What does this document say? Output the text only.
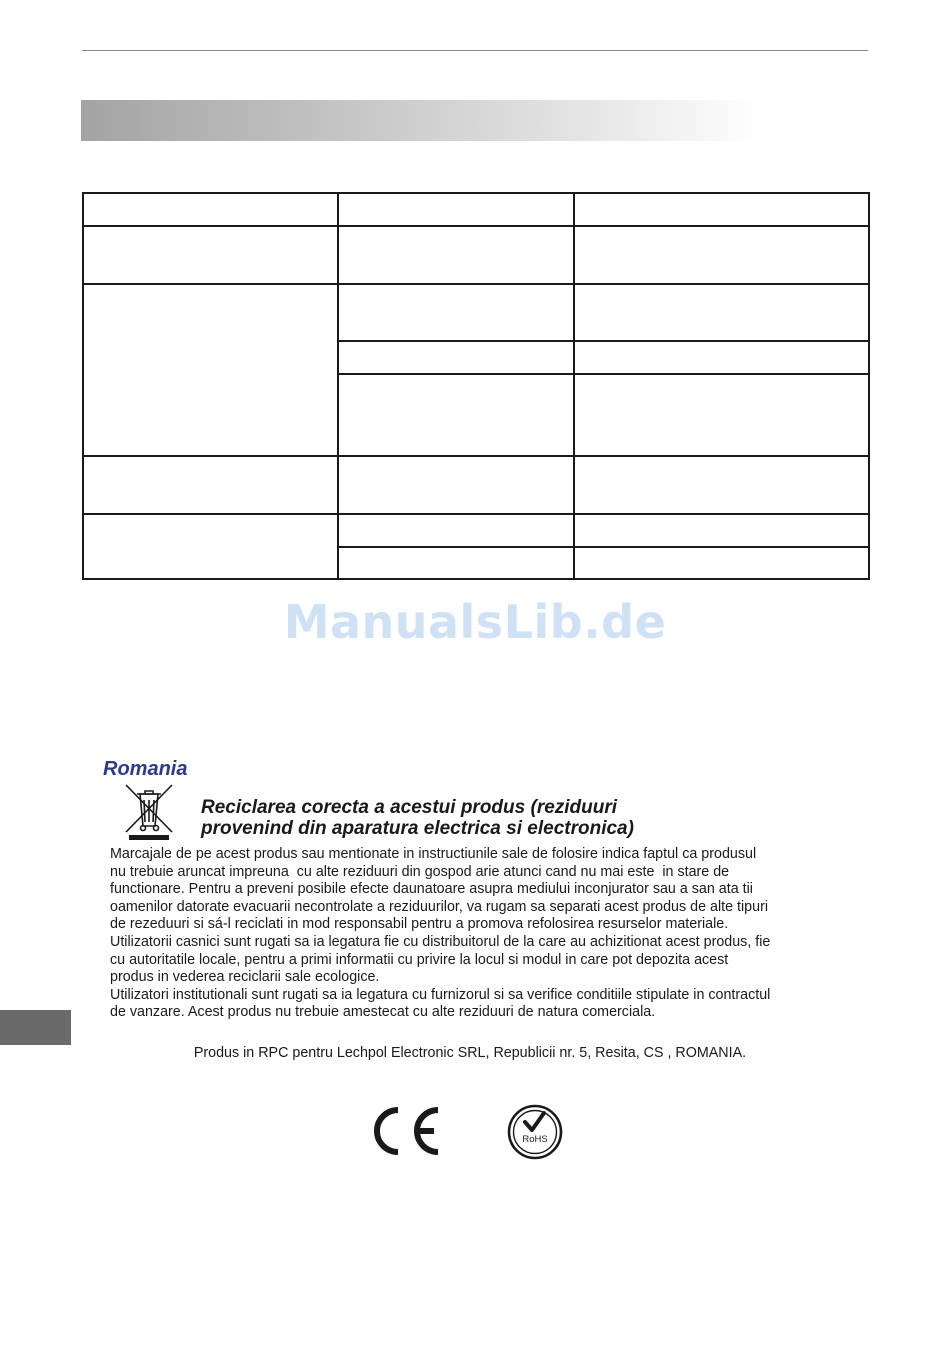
ManualsLib.de
Romania
Reciclarea corecta a acestui produs (reziduuri
provenind din aparatura electrica si electronica)
Marcajale de pe acest produs sau mentionate in instructiunile sale de folosire indica faptul ca produsul
nu trebuie aruncat impreuna  cu alte reziduuri din gospod arie atunci cand nu mai este  in stare de
functionare. Pentru a preveni posibile efecte daunatoare asupra mediului inconjurator sau a san ata tii
oamenilor datorate evacuarii necontrolate a reziduurilor, va rugam sa separati acest produs de alte tipuri
de rezeduuri si sá-l reciclati in mod responsabil pentru a promova refolosirea resurselor materiale.
Utilizatorii casnici sunt rugati sa ia legatura fie cu distribuitorul de la care au achizitionat acest produs, fie
cu autoritatile locale, pentru a primi informatii cu privire la locul si modul in care pot depozita acest
produs in vederea reciclarii sale ecologice.
Utilizatori institutionali sunt rugati sa ia legatura cu furnizorul si sa verifice conditiile stipulate in contractul
de vanzare. Acest produs nu trebuie amestecat cu alte reziduuri de natura comerciala.
Produs in RPC pentru Lechpol Electronic SRL, Republicii nr. 5, Resita, CS , ROMANIA.
RoHS
